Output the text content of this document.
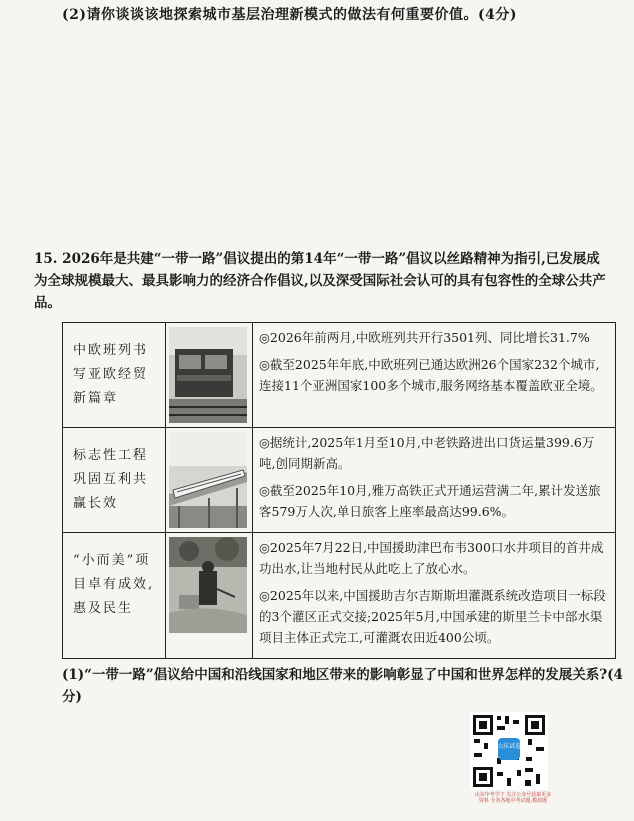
(2)请你谈谈该地探索城市基层治理新模式的做法有何重要价值。(4分)
15. 2026年是共建“一带一路”倡议提出的第14年“一带一路”倡议以丝路精神为指引,已发展成为全球规模最大、最具影响力的经济合作倡议,以及深受国际社会认可的具有包容性的全球公共产品。
中欧班列书写亚欧经贸新篇章		◎2026年前两月,中欧班列共开行3501列、同比增长31.7%
◎截至2025年年底,中欧班列已通达欧洲26个国家232个城市,连接11个亚洲国家100多个城市,服务网络基本覆盖欧亚全境。

标志性工程巩固互利共赢长效		◎据统计,2025年1月至10月,中老铁路进出口货运量399.6万吨,创同期新高。
◎截至2025年10月,雅万高铁正式开通运营满二年,累计发送旅客579万人次,单日旅客上座率最高达99.6%。

“小而美”项目卓有成效,惠及民生		◎2025年7月22日,中国援助津巴布韦300口水井项目的首井成功出水,让当地村民从此吃上了放心水。
◎2025年以来,中国援助吉尔吉斯斯坦灌溉系统改造项目一标段的3个灌区正式交接;2025年5月,中国承建的斯里兰卡中部水渠项目主体正式完工,可灌溉农田近400公顷。
(1)“一带一路”倡议给中国和沿线国家和地区带来的影响彰显了中国和世界怎样的发展关系?(4分)
山东试卷
山东中考学子 关注公众号获取更多资料 全省各地中考试题,模拟题
